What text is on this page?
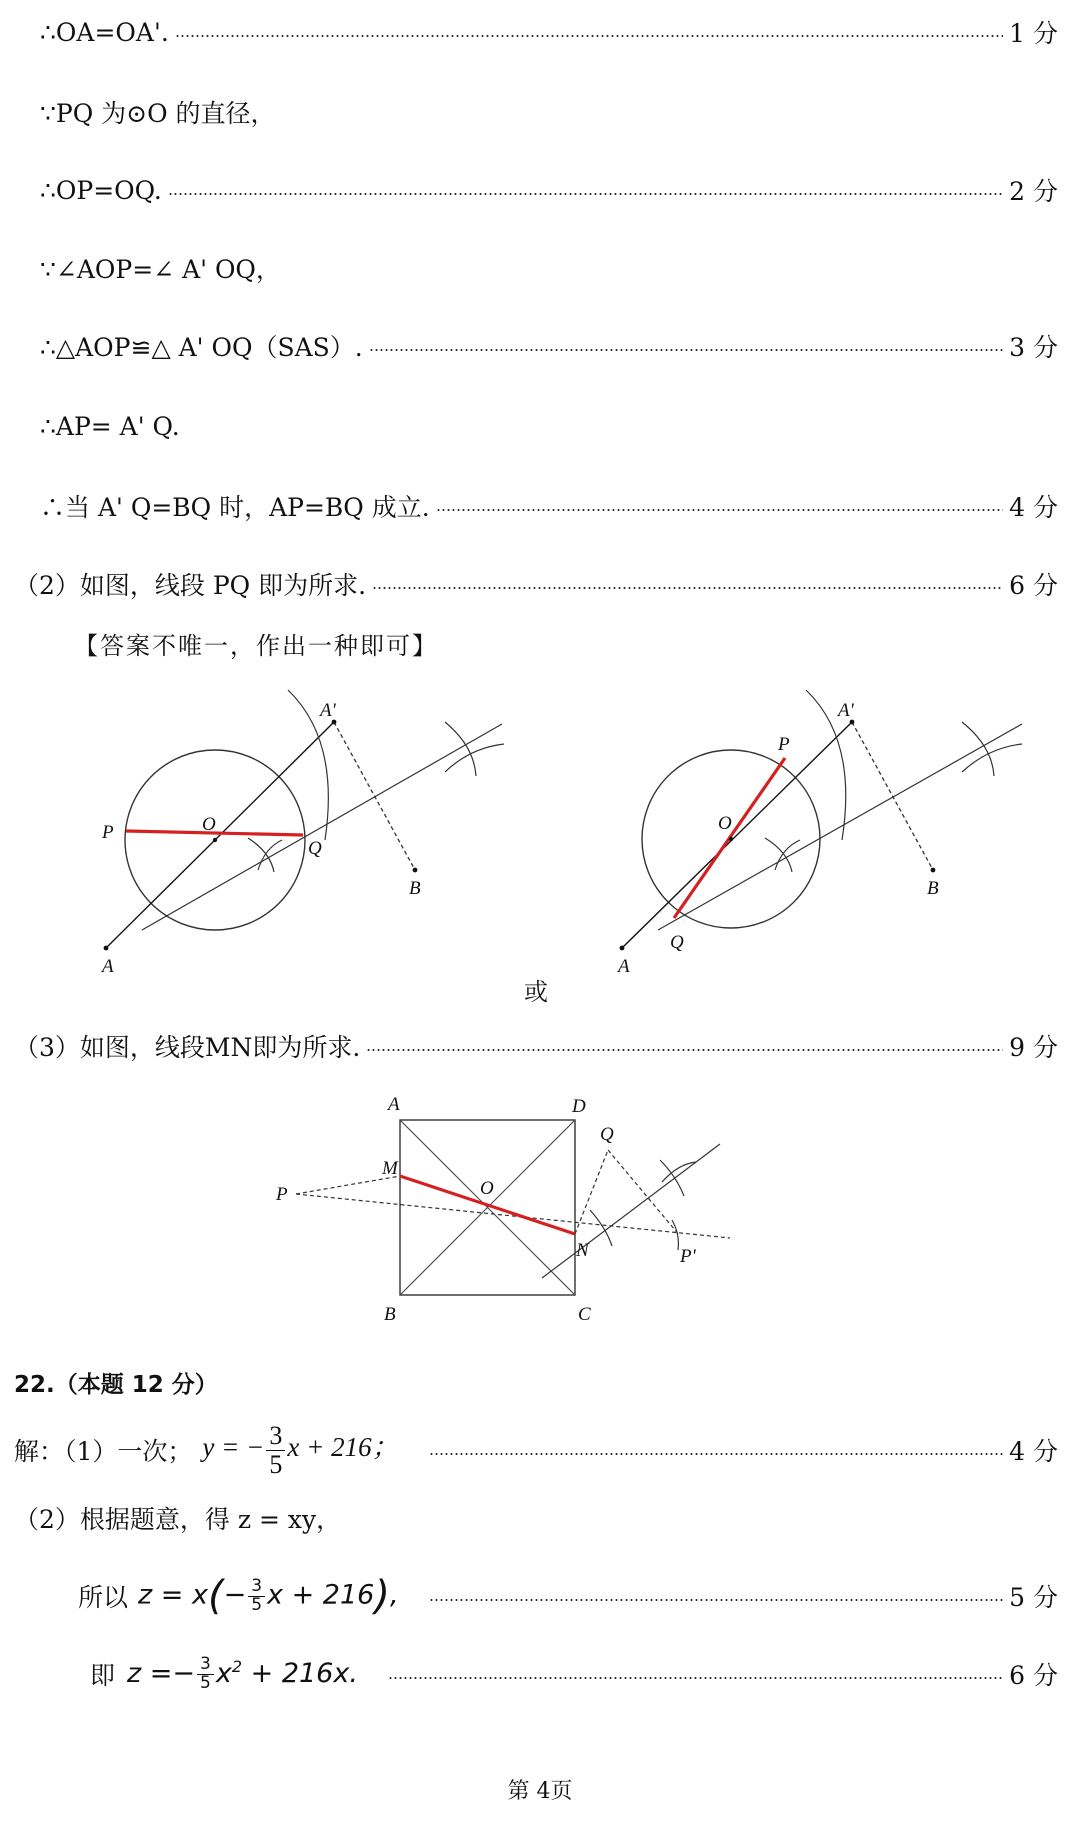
∴OA=OA'.	1 分
∵PQ 为⊙O 的直径，
∴OP=OQ.	2 分
∵∠AOP=∠ A' OQ，
∴△AOP≌△ A' OQ（SAS）.	3 分
∴AP= A' Q.
∴当 A' Q=BQ 时，AP=BQ 成立.	4 分
（2）如图，线段 PQ 即为所求.	6 分
【答案不唯一，作出一种即可】
A'
P	O
Q
B
A
A'
P
O
Q
B
A
或
（3）如图，线段MN即为所求.	9 分
A	D
M
P	O
Q
N	P'
B	C
22.（本题 12 分）
解：（1）一次； y = − $\frac{3}{5}$ x + 216；	4 分
（2）根据题意，得 z = xy，
所以 $z = x(- \frac{3}{5}$ x + 216),	5 分
即 $z =- \frac{3}{5} x^2 + 216x$.	6 分
第 4页
